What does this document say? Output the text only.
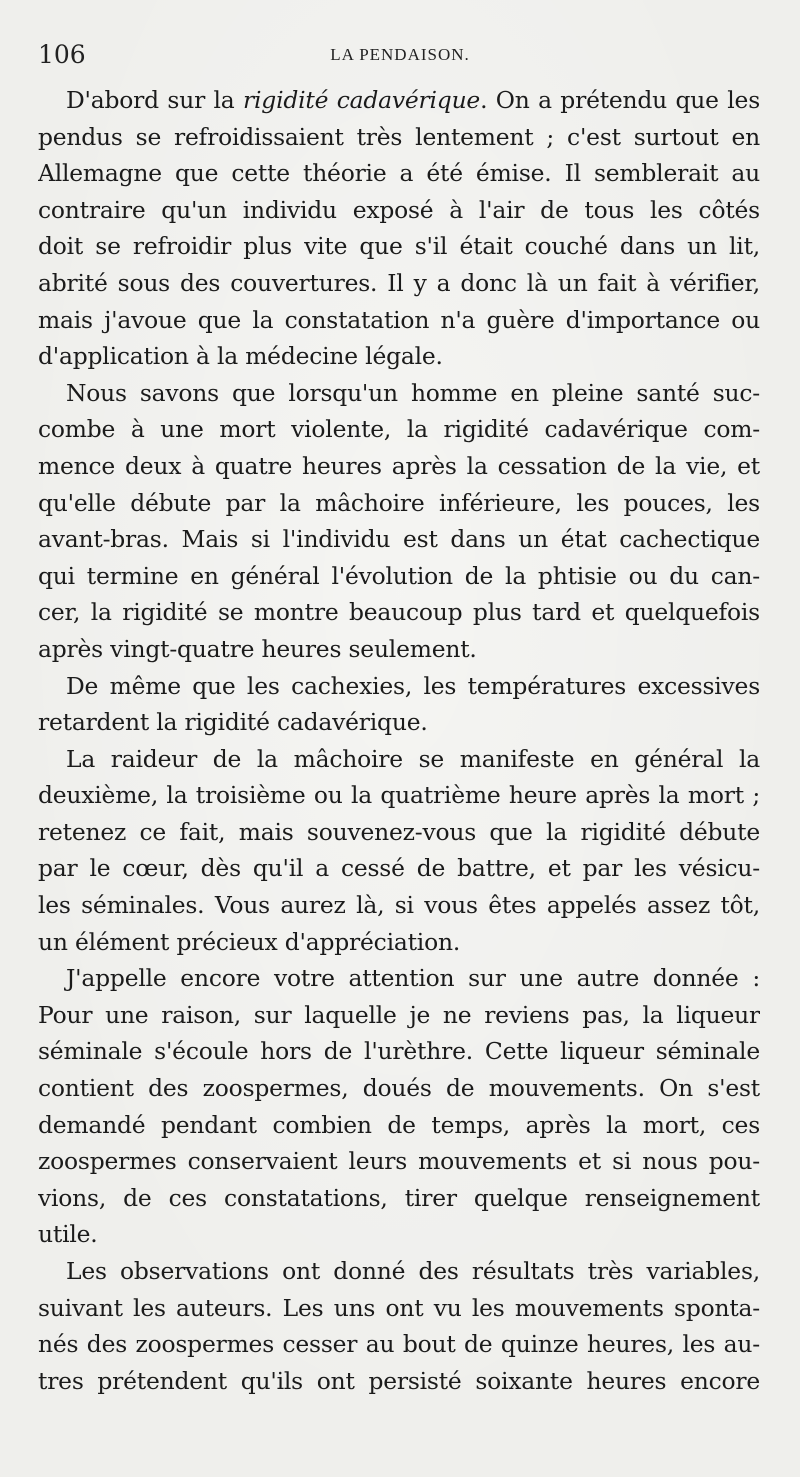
106	LA PENDAISON.
D'abord sur la rigidité cadavérique. On a prétendu que les
pendus se refroidissaient très lentement ; c'est surtout en
Allemagne que cette théorie a été émise. Il semblerait au
contraire qu'un individu exposé à l'air de tous les côtés
doit se refroidir plus vite que s'il était couché dans un lit,
abrité sous des couvertures. Il y a donc là un fait à vérifier,
mais j'avoue que la constatation n'a guère d'importance ou
d'application à la médecine légale.
Nous savons que lorsqu'un homme en pleine santé suc-
combe à une mort violente, la rigidité cadavérique com-
mence deux à quatre heures après la cessation de la vie, et
qu'elle débute par la mâchoire inférieure, les pouces, les
avant-bras. Mais si l'individu est dans un état cachectique
qui termine en général l'évolution de la phtisie ou du can-
cer, la rigidité se montre beaucoup plus tard et quelquefois
après vingt-quatre heures seulement.
De même que les cachexies, les températures excessives
retardent la rigidité cadavérique.
La raideur de la mâchoire se manifeste en général la
deuxième, la troisième ou la quatrième heure après la mort ;
retenez ce fait, mais souvenez-vous que la rigidité débute
par le cœur, dès qu'il a cessé de battre, et par les vésicu-
les séminales. Vous aurez là, si vous êtes appelés assez tôt,
un élément précieux d'appréciation.
J'appelle encore votre attention sur une autre donnée :
Pour une raison, sur laquelle je ne reviens pas, la liqueur
séminale s'écoule hors de l'urèthre. Cette liqueur séminale
contient des zoospermes, doués de mouvements. On s'est
demandé pendant combien de temps, après la mort, ces
zoospermes conservaient leurs mouvements et si nous pou-
vions, de ces constatations, tirer quelque renseignement
utile.
Les observations ont donné des résultats très variables,
suivant les auteurs. Les uns ont vu les mouvements sponta-
nés des zoospermes cesser au bout de quinze heures, les au-
tres prétendent qu'ils ont persisté soixante heures encore
